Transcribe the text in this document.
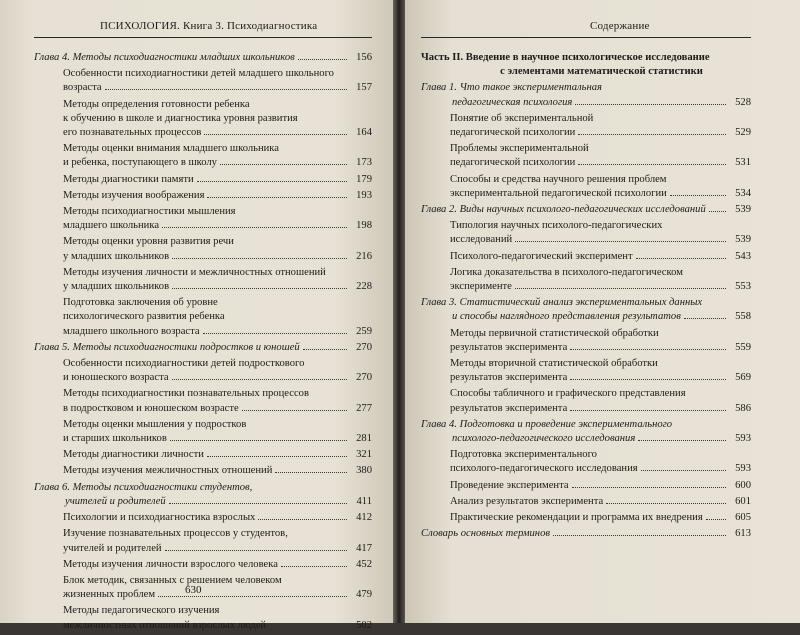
ПСИХОЛОГИЯ. Книга 3. Психодиагностика
Глава 4. Методы психодиагностики младших школьников	156
Особенности психодиагностики детей младшего школьного
возраста	157
Методы определения готовности ребенка
к обучению в школе и диагностика уровня развития
его познавательных процессов	164
Методы оценки внимания младшего школьника
и ребенка, поступающего в школу	173
Методы диагностики памяти	179
Методы изучения воображения	193
Методы психодиагностики мышления
младшего школьника	198
Методы оценки уровня развития речи
у младших школьников	216
Методы изучения личности и межличностных отношений
у младших школьников	228
Подготовка заключения об уровне
психологического развития ребенка
младшего школьного возраста	259
Глава 5. Методы психодиагностики подростков и юношей	270
Особенности психодиагностики детей подросткового
и юношеского возраста	270
Методы психодиагностики познавательных процессов
в подростковом и юношеском возрасте	277
Методы оценки мышления у подростков
и старших школьников	281
Методы диагностики личности	321
Методы изучения межличностных отношений	380
Глава 6. Методы психодиагностики студентов,
учителей и родителей	411
Психологии и психодиагностика взрослых	412
Изучение познавательных процессов у студентов,
учителей и родителей	417
Методы изучения личности взрослого человека	452
Блок методик, связанных с решением человеком
жизненных проблем	479
Методы педагогического изучения
межличностных отношений взрослых людей	502
630
Содержание
Часть II. Введение в научное психологическое исследование
с элементами математической статистики
Глава 1. Что такое экспериментальная
педагогическая психология	528
Понятие об экспериментальной
педагогической психологии	529
Проблемы экспериментальной
педагогической психологии	531
Способы и средства научного решения проблем
экспериментальной педагогической психологии	534
Глава 2. Виды научных психолого-педагогических исследований	539
Типология научных психолого-педагогических
исследований	539
Психолого-педагогический эксперимент	543
Логика доказательства в психолого-педагогическом
эксперименте	553
Глава 3. Статистический анализ экспериментальных данных
и способы наглядного представления результатов	558
Методы первичной статистической обработки
результатов эксперимента	559
Методы вторичной статистической обработки
результатов эксперимента	569
Способы табличного и графического представления
результатов эксперимента	586
Глава 4. Подготовка и проведение экспериментального
психолого-педагогического исследования	593
Подготовка экспериментального
психолого-педагогического исследования	593
Проведение эксперимента	600
Анализ результатов эксперимента	601
Практические рекомендации и программа их внедрения	605
Словарь основных терминов	613
